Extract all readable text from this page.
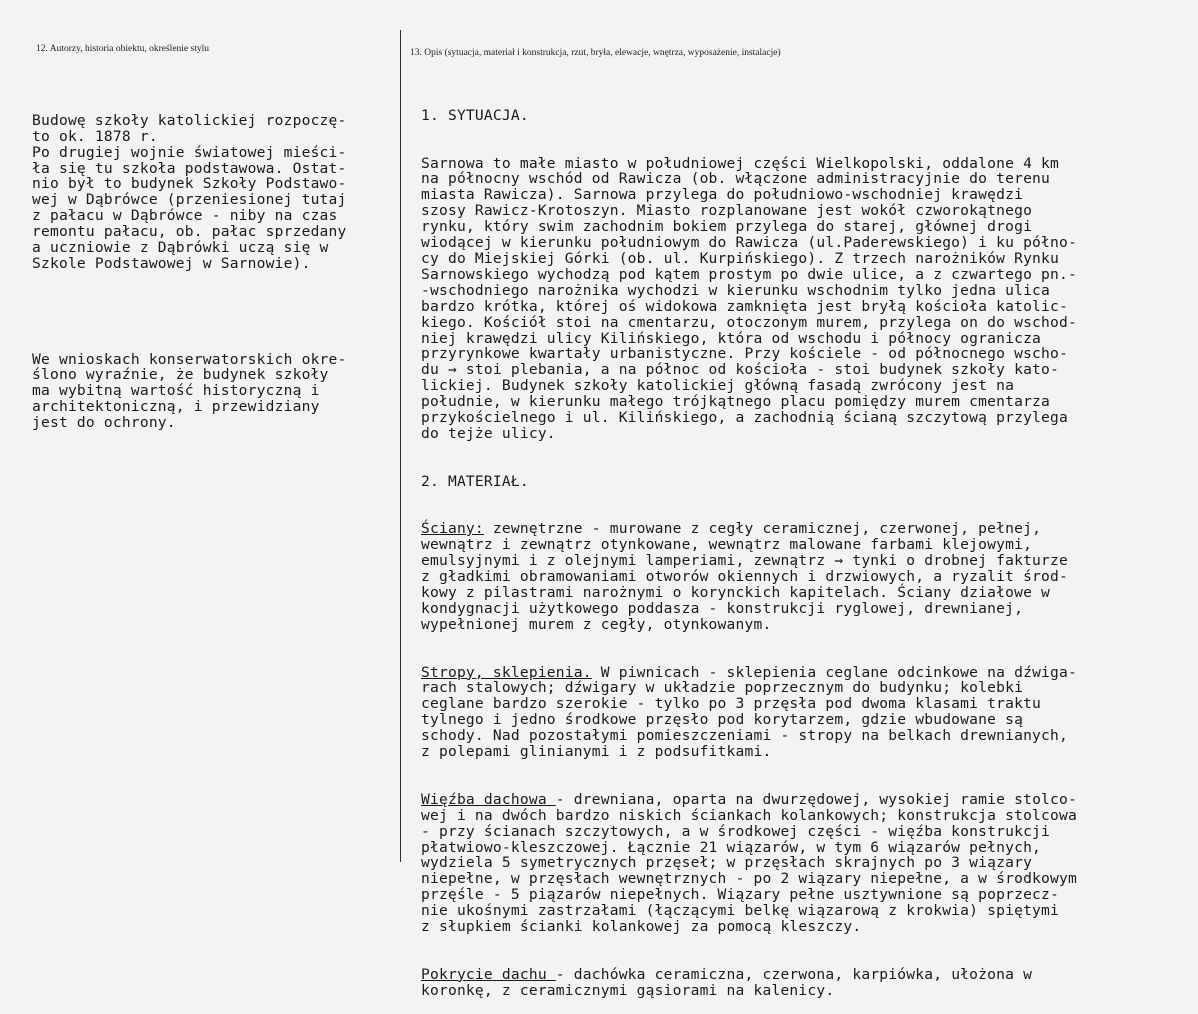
12. Autorzy, historia obiektu, określenie stylu	13. Opis (sytuacja, materiał i konstrukcja, rzut, bryła, elewacje, wnętrza, wyposażenie, instalacje)

Budowę szkoły katolickiej rozpoczę-
to ok. 1878 r.
Po drugiej wojnie światowej mieści-
ła się tu szkoła podstawowa. Ostat-
nio był to budynek Szkoły Podstawo-
wej w Dąbrówce (przeniesionej tutaj
z pałacu w Dąbrówce - niby na czas
remontu pałacu, ob. pałac sprzedany
a uczniowie z Dąbrówki uczą się w
Szkole Podstawowej w Sarnowie).

We wnioskach konserwatorskich okre-
ślono wyraźnie, że budynek szkoły
ma wybitną wartość historyczną i
architektoniczną, i przewidziany
jest do ochrony.

1. SYTUACJA.

Sarnowa to małe miasto w południowej części Wielkopolski, oddalone 4 km
na północny wschód od Rawicza (ob. włączone administracyjnie do terenu
miasta Rawicza). Sarnowa przylega do południowo-wschodniej krawędzi
szosy Rawicz-Krotoszyn. Miasto rozplanowane jest wokół czworokątnego
rynku, który swim zachodnim bokiem przylega do starej, głównej drogi
wiodącej w kierunku południowym do Rawicza (ul.Paderewskiego) i ku półno-
cy do Miejskiej Górki (ob. ul. Kurpińskiego). Z trzech narożników Rynku
Sarnowskiego wychodzą pod kątem prostym po dwie ulice, a z czwartego pn.-
-wschodniego narożnika wychodzi w kierunku wschodnim tylko jedna ulica
bardzo krótka, której oś widokowa zamknięta jest bryłą kościoła katolic-
kiego. Kościół stoi na cmentarzu, otoczonym murem, przylega on do wschod-
niej krawędzi ulicy Kilińskiego, która od wschodu i północy ogranicza
przyrynkowe kwartały urbanistyczne. Przy kościele - od północnego wscho-
du → stoi plebania, a na północ od kościoła - stoi budynek szkoły kato-
lickiej. Budynek szkoły katolickiej główną fasadą zwrócony jest na
południe, w kierunku małego trójkątnego placu pomiędzy murem cmentarza
przykościelnego i ul. Kilińskiego, a zachodnią ścianą szczytową przylega
do tejże ulicy.

2. MATERIAŁ.

Ściany: zewnętrzne - murowane z cegły ceramicznej, czerwonej, pełnej,
wewnątrz i zewnątrz otynkowane, wewnątrz malowane farbami klejowymi,
emulsyjnymi i z olejnymi lamperiami, zewnątrz → tynki o drobnej fakturze
z gładkimi obramowaniami otworów okiennych i drzwiowych, a ryzalit środ-
kowy z pilastrami narożnymi o korynckich kapitelach. Ściany działowe w
kondygnacji użytkowego poddasza - konstrukcji ryglowej, drewnianej,
wypełnionej murem z cegły, otynkowanym.

Stropy, sklepienia. W piwnicach - sklepienia ceglane odcinkowe na dźwiga-
rach stalowych; dźwigary w układzie poprzecznym do budynku; kolebki
ceglane bardzo szerokie - tylko po 3 przęsła pod dwoma klasami traktu
tylnego i jedno środkowe przęsło pod korytarzem, gdzie wbudowane są
schody. Nad pozostałymi pomieszczeniami - stropy na belkach drewnianych,
z polepami glinianymi i z podsufitkami.

Więźba dachowa - drewniana, oparta na dwurzędowej, wysokiej ramie stolco-
wej i na dwóch bardzo niskich ściankach kolankowych; konstrukcja stolcowa
- przy ścianach szczytowych, a w środkowej części - więźba konstrukcji
płatwiowo-kleszczowej. Łącznie 21 wiązarów, w tym 6 wiązarów pełnych,
wydziela 5 symetrycznych przęseł; w przęsłach skrajnych po 3 wiązary
niepełne, w przęsłach wewnętrznych - po 2 wiązary niepełne, a w środkowym
przęśle - 5 piązarów niepełnych. Wiązary pełne usztywnione są poprzecz-
nie ukośnymi zastrzałami (łączącymi belkę wiązarową z krokwia) spiętymi
z słupkiem ścianki kolankowej za pomocą kleszczy.

Pokrycie dachu - dachówka ceramiczna, czerwona, karpiówka, ułożona w
koronkę, z ceramicznymi gąsiorami na kalenicy.
